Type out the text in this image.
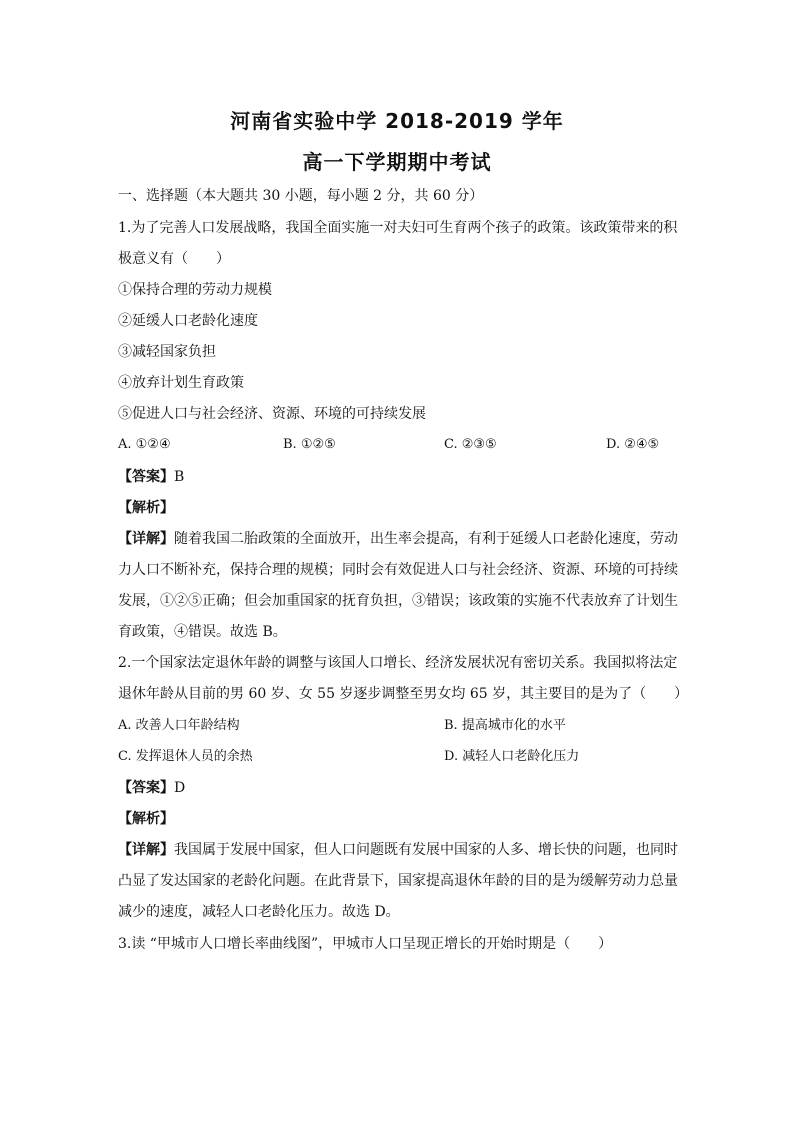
河南省实验中学 2018-2019 学年
高一下学期期中考试
一、选择题（本大题共 30 小题，每小题 2 分，共 60 分）
1.为了完善人口发展战略，我国全面实施一对夫妇可生育两个孩子的政策。该政策带来的积
极意义有（　　）
①保持合理的劳动力规模
②延缓人口老龄化速度
③减轻国家负担
④放弃计划生育政策
⑤促进人口与社会经济、资源、环境的可持续发展
A. ①②④	B. ①②⑤	C. ②③⑤	D. ②④⑤
【答案】B
【解析】
【详解】随着我国二胎政策的全面放开，出生率会提高，有利于延缓人口老龄化速度，劳动
力人口不断补充，保持合理的规模；同时会有效促进人口与社会经济、资源、环境的可持续
发展，①②⑤正确；但会加重国家的抚育负担，③错误；该政策的实施不代表放弃了计划生
育政策，④错误。故选 B。
2.一个国家法定退休年龄的调整与该国人口增长、经济发展状况有密切关系。我国拟将法定
退休年龄从目前的男 60 岁、女 55 岁逐步调整至男女均 65 岁，其主要目的是为了（　　）
A. 改善人口年龄结构	B. 提高城市化的水平
C. 发挥退休人员的余热	D. 减轻人口老龄化压力
【答案】D
【解析】
【详解】我国属于发展中国家，但人口问题既有发展中国家的人多、增长快的问题，也同时
凸显了发达国家的老龄化问题。在此背景下，国家提高退休年龄的目的是为缓解劳动力总量
减少的速度，减轻人口老龄化压力。故选 D。
3.读 “甲城市人口增长率曲线图”，甲城市人口呈现正增长的开始时期是（　　）
